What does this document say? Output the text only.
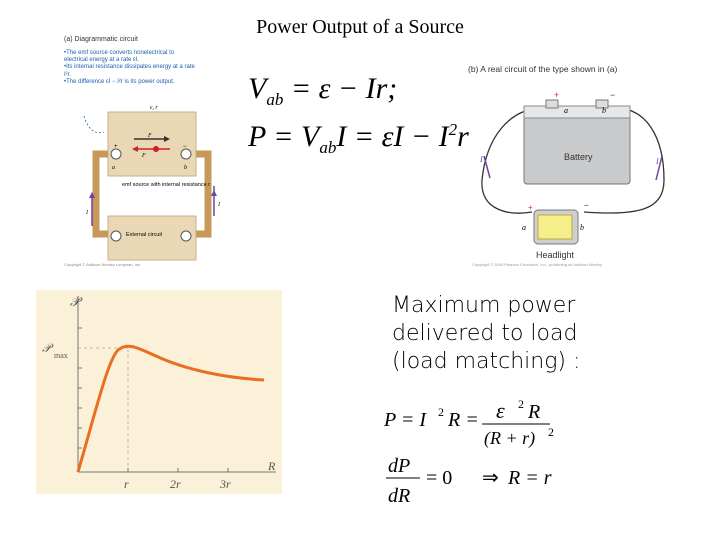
Power Output of a Source
(a) Diagrammatic circuit
•The emf source converts nonelectrical to electrical energy at a rate εI.
•Its internal resistance dissipates energy at a rate I²r.
•The difference εI − I²r is its power output.
ε, r
F
F
+	−
a	b
emf source with internal resistance r
External circuit
I
I
Copyright © Addison Wesley Longman, Inc.
$V_{ab} = \varepsilon - Ir$;
$P = V_{ab}I = \varepsilon I - I^2r$
(b) A real circuit of the type shown in (a)
Battery
+	−
a	b
Headlight
+	−
a	b
I	I
Copyright © 2004 Pearson Education, Inc., publishing as Addison Wesley
𝒫
𝒫
max
R
r	2r	3r
Maximum power
delivered to load
(load matching) :
P = I 2 R = ε 2 R
(R + r) 2
dP
dR
= 0 ⇒ R = r
